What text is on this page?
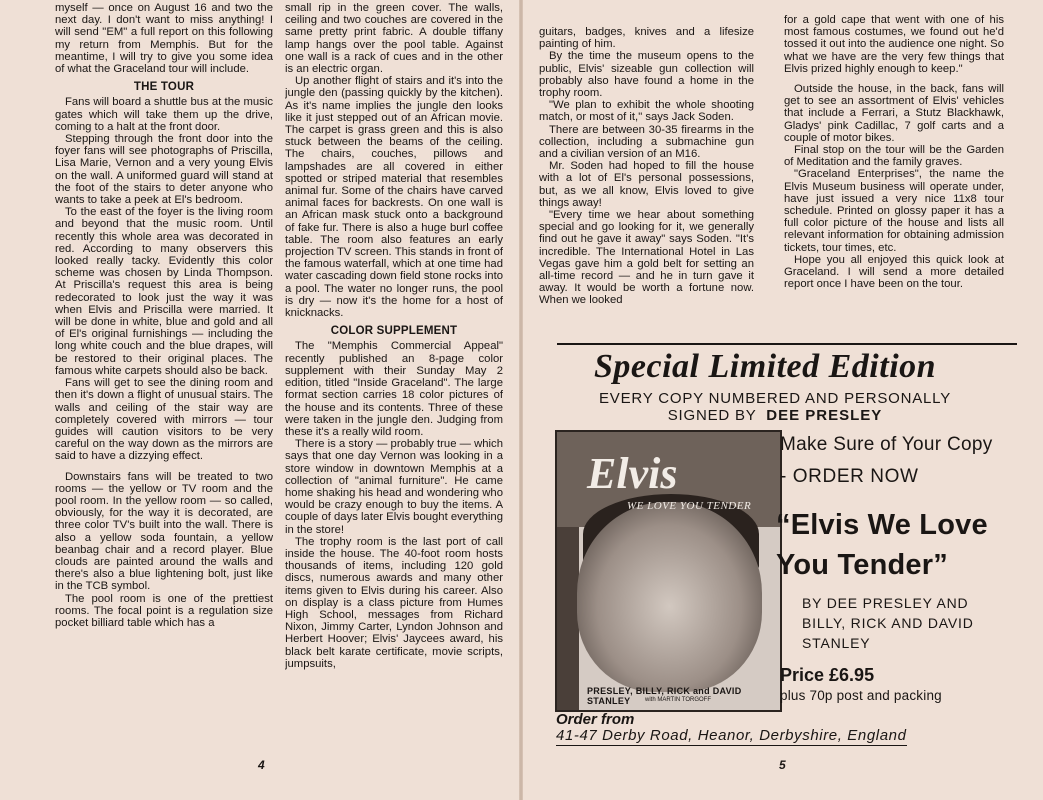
myself — once on August 16 and two the next day. I don't want to miss anything! I will send "EM" a full report on this following my return from Memphis. But for the meantime, I will try to give you some idea of what the Graceland tour will include.

THE TOUR

Fans will board a shuttle bus at the music gates which will take them up the drive, coming to a halt at the front door.

Stepping through the front door into the foyer fans will see photographs of Priscilla, Lisa Marie, Vernon and a very young Elvis on the wall. A uniformed guard will stand at the foot of the stairs to deter anyone who wants to take a peek at El's bedroom.

To the east of the foyer is the living room and beyond that the music room. Until recently this whole area was decorated in red. According to many observers this looked really tacky. Evidently this color scheme was chosen by Linda Thompson. At Priscilla's request this area is being redecorated to look just the way it was when Elvis and Priscilla were married. It will be done in white, blue and gold and all of El's original furnishings — including the long white couch and the blue drapes, will be restored to their original places. The famous white carpets should also be back.

Fans will get to see the dining room and then it's down a flight of unusual stairs. The walls and ceiling of the stair way are completely covered with mirrors — tour guides will caution visitors to be very careful on the way down as the mirrors are said to have a dizzying effect.

Downstairs fans will be treated to two rooms — the yellow or TV room and the pool room. In the yellow room — so called, obviously, for the way it is decorated, are three color TV's built into the wall. There is also a yellow soda fountain, a yellow beanbag chair and a record player. Blue clouds are painted around the walls and there's also a blue lightening bolt, just like in the TCB symbol.

The pool room is one of the prettiest rooms. The focal point is a regulation size pocket billiard table which has a

small rip in the green cover. The walls, ceiling and two couches are covered in the same pretty print fabric. A double tiffany lamp hangs over the pool table. Against one wall is a rack of cues and in the other is an electric organ.

Up another flight of stairs and it's into the jungle den (passing quickly by the kitchen). As it's name implies the jungle den looks like it just stepped out of an African movie. The carpet is grass green and this is also stuck between the beams of the ceiling. The chairs, couches, pillows and lampshades are all covered in either spotted or striped material that resembles animal fur. Some of the chairs have carved animal faces for backrests. On one wall is an African mask stuck onto a background of fake fur. There is also a huge burl coffee table. The room also features an early projection TV screen. This stands in front of the famous waterfall, which at one time had water cascading down field stone rocks into a pool. The water no longer runs, the pool is dry — now it's the home for a host of knicknacks.

COLOR SUPPLEMENT

The "Memphis Commercial Appeal" recently published an 8-page color supplement with their Sunday May 2 edition, titled "Inside Graceland". The large format section carries 18 color pictures of the house and its contents. Three of these were taken in the jungle den. Judging from these it's a really wild room.

There is a story — probably true — which says that one day Vernon was looking in a store window in downtown Memphis at a collection of "animal furniture". He came home shaking his head and wondering who would be crazy enough to buy the items. A couple of days later Elvis bought everything in the store!

The trophy room is the last port of call inside the house. The 40-foot room hosts thousands of items, including 120 gold discs, numerous awards and many other items given to Elvis during his career. Also on display is a class picture from Humes High School, messages from Richard Nixon, Jimmy Carter, Lyndon Johnson and Herbert Hoover; Elvis' Jaycees award, his black belt karate certificate, movie scripts, jumpsuits,

4

guitars, badges, knives and a lifesize painting of him.

By the time the museum opens to the public, Elvis' sizeable gun collection will probably also have found a home in the trophy room.

"We plan to exhibit the whole shooting match, or most of it," says Jack Soden.

There are between 30-35 firearms in the collection, including a submachine gun and a civilian version of an M16.

Mr. Soden had hoped to fill the house with a lot of El's personal possessions, but, as we all know, Elvis loved to give things away!

"Every time we hear about something special and go looking for it, we generally find out he gave it away" says Soden. "It's incredible. The International Hotel in Las Vegas gave him a gold belt for setting an all-time record — and he in turn gave it away. It would be worth a fortune now. When we looked

for a gold cape that went with one of his most famous costumes, we found out he'd tossed it out into the audience one night. So what we have are the very few things that Elvis prized highly enough to keep."

Outside the house, in the back, fans will get to see an assortment of Elvis' vehicles that include a Ferrari, a Stutz Blackhawk, Gladys' pink Cadillac, 7 golf carts and a couple of motor bikes.

Final stop on the tour will be the Garden of Meditation and the family graves.

"Graceland Enterprises", the name the Elvis Museum business will operate under, have just issued a very nice 11x8 tour schedule. Printed on glossy paper it has a full color picture of the house and lists all relevant information for obtaining admission tickets, tour times, etc.

Hope you all enjoyed this quick look at Graceland. I will send a more detailed report once I have been on the tour.

5
Special Limited Edition
EVERY COPY NUMBERED AND PERSONALLY
SIGNED BY DEE PRESLEY
Elvis
WE LOVE YOU TENDER
PRESLEY, BILLY, RICK and DAVID STANLEY	with MARTIN TORGOFF
Make Sure of Your Copy
- ORDER NOW
“Elvis We Love You Tender”
BY DEE PRESLEY AND BILLY, RICK AND DAVID STANLEY
Price £6.95
plus 70p post and packing
Order from
41-47 Derby Road, Heanor, Derbyshire, England
